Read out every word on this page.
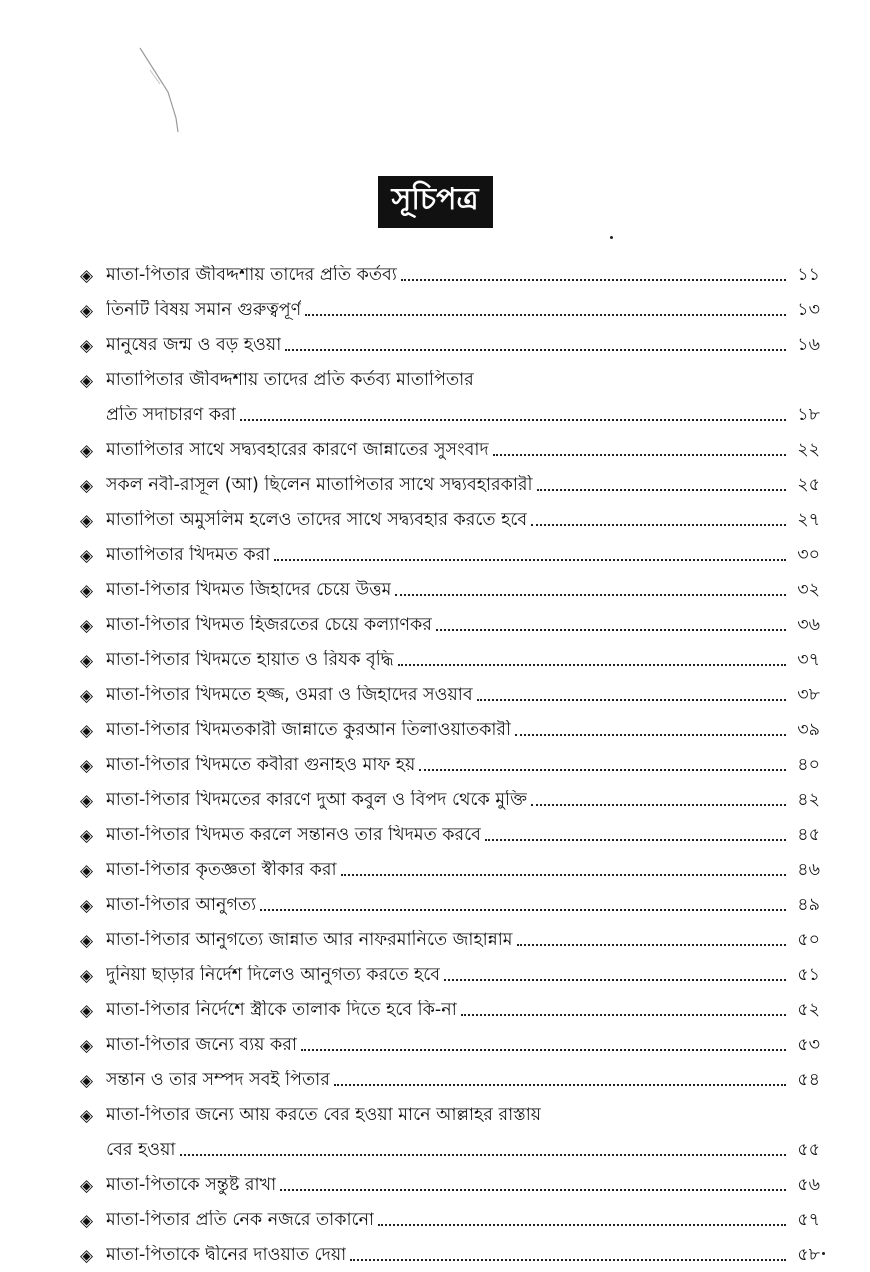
সূচিপত্র
◈ মাতা-পিতার জীবদ্দশায় তাদের প্রতি কর্তব্য	১১
◈ তিনটি বিষয় সমান গুরুত্বপূর্ণ	১৩
◈ মানুষের জন্ম ও বড় হওয়া	১৬
◈ মাতাপিতার জীবদ্দশায় তাদের প্রতি কর্তব্য মাতাপিতার
প্রতি সদাচারণ করা	১৮
◈ মাতাপিতার সাথে সদ্ব্যবহারের কারণে জান্নাতের সুসংবাদ	২২
◈ সকল নবী-রাসূল (আ) ছিলেন মাতাপিতার সাথে সদ্ব্যবহারকারী	২৫
◈ মাতাপিতা অমুসলিম হলেও তাদের সাথে সদ্ব্যবহার করতে হবে	২৭
◈ মাতাপিতার খিদমত করা	৩০
◈ মাতা-পিতার খিদমত জিহাদের চেয়ে উত্তম	৩২
◈ মাতা-পিতার খিদমত হিজরতের চেয়ে কল্যাণকর	৩৬
◈ মাতা-পিতার খিদমতে হায়াত ও রিযক বৃদ্ধি	৩৭
◈ মাতা-পিতার খিদমতে হজ্জ, ওমরা ও জিহাদের সওয়াব	৩৮
◈ মাতা-পিতার খিদমতকারী জান্নাতে কুরআন তিলাওয়াতকারী	৩৯
◈ মাতা-পিতার খিদমতে কবীরা গুনাহও মাফ হয়	৪০
◈ মাতা-পিতার খিদমতের কারণে দুআ কবুল ও বিপদ থেকে মুক্তি	৪২
◈ মাতা-পিতার খিদমত করলে সন্তানও তার খিদমত করবে	৪৫
◈ মাতা-পিতার কৃতজ্ঞতা স্বীকার করা	৪৬
◈ মাতা-পিতার আনুগত্য	৪৯
◈ মাতা-পিতার আনুগত্যে জান্নাত আর নাফরমানিতে জাহান্নাম	৫০
◈ দুনিয়া ছাড়ার নির্দেশ দিলেও আনুগত্য করতে হবে	৫১
◈ মাতা-পিতার নির্দেশে স্ত্রীকে তালাক দিতে হবে কি-না	৫২
◈ মাতা-পিতার জন্যে ব্যয় করা	৫৩
◈ সন্তান ও তার সম্পদ সবই পিতার	৫৪
◈ মাতা-পিতার জন্যে আয় করতে বের হওয়া মানে আল্লাহর রাস্তায়
বের হওয়া	৫৫
◈ মাতা-পিতাকে সন্তুষ্ট রাখা	৫৬
◈ মাতা-পিতার প্রতি নেক নজরে তাকানো	৫৭
◈ মাতা-পিতাকে দ্বীনের দাওয়াত দেয়া	৫৮
